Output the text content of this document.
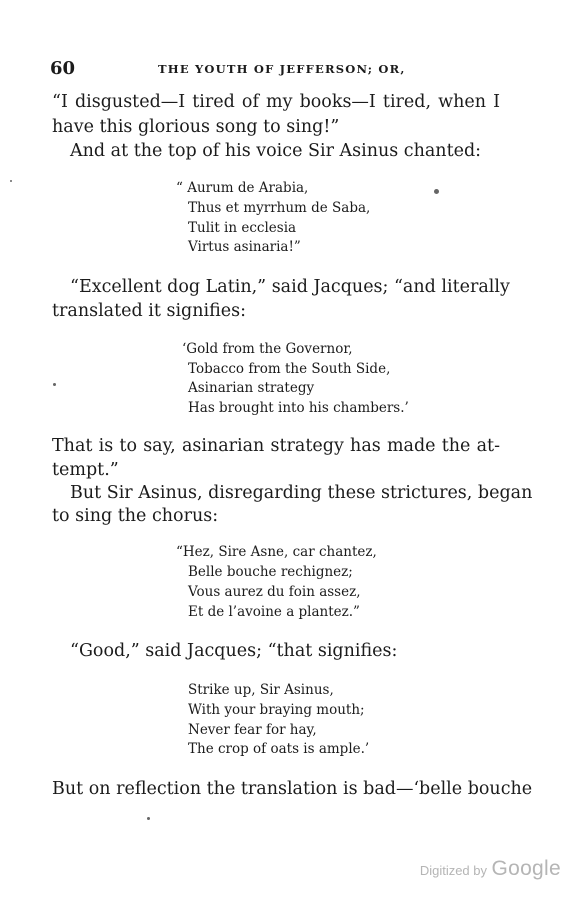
60	THE YOUTH OF JEFFERSON; OR,
“I disgusted—I tired of my books—I tired, when I
have this glorious song to sing!”
And at the top of his voice Sir Asinus chanted:
“ Aurum de Arabia,
Thus et myrrhum de Saba,
Tulit in ecclesia
Virtus asinaria!”
“Excellent dog Latin,” said Jacques; “and literally
translated it signifies:
‘Gold from the Governor,
Tobacco from the South Side,
Asinarian strategy
Has brought into his chambers.’
That is to say, asinarian strategy has made the at-
tempt.”
But Sir Asinus, disregarding these strictures, began
to sing the chorus:
“Hez, Sire Asne, car chantez,
Belle bouche rechignez;
Vous aurez du foin assez,
Et de l’avoine a plantez.”
“Good,” said Jacques; “that signifies:
Strike up, Sir Asinus,
With your braying mouth;
Never fear for hay,
The crop of oats is ample.’
But on reflection the translation is bad—‘belle bouche
Digitized by Google
